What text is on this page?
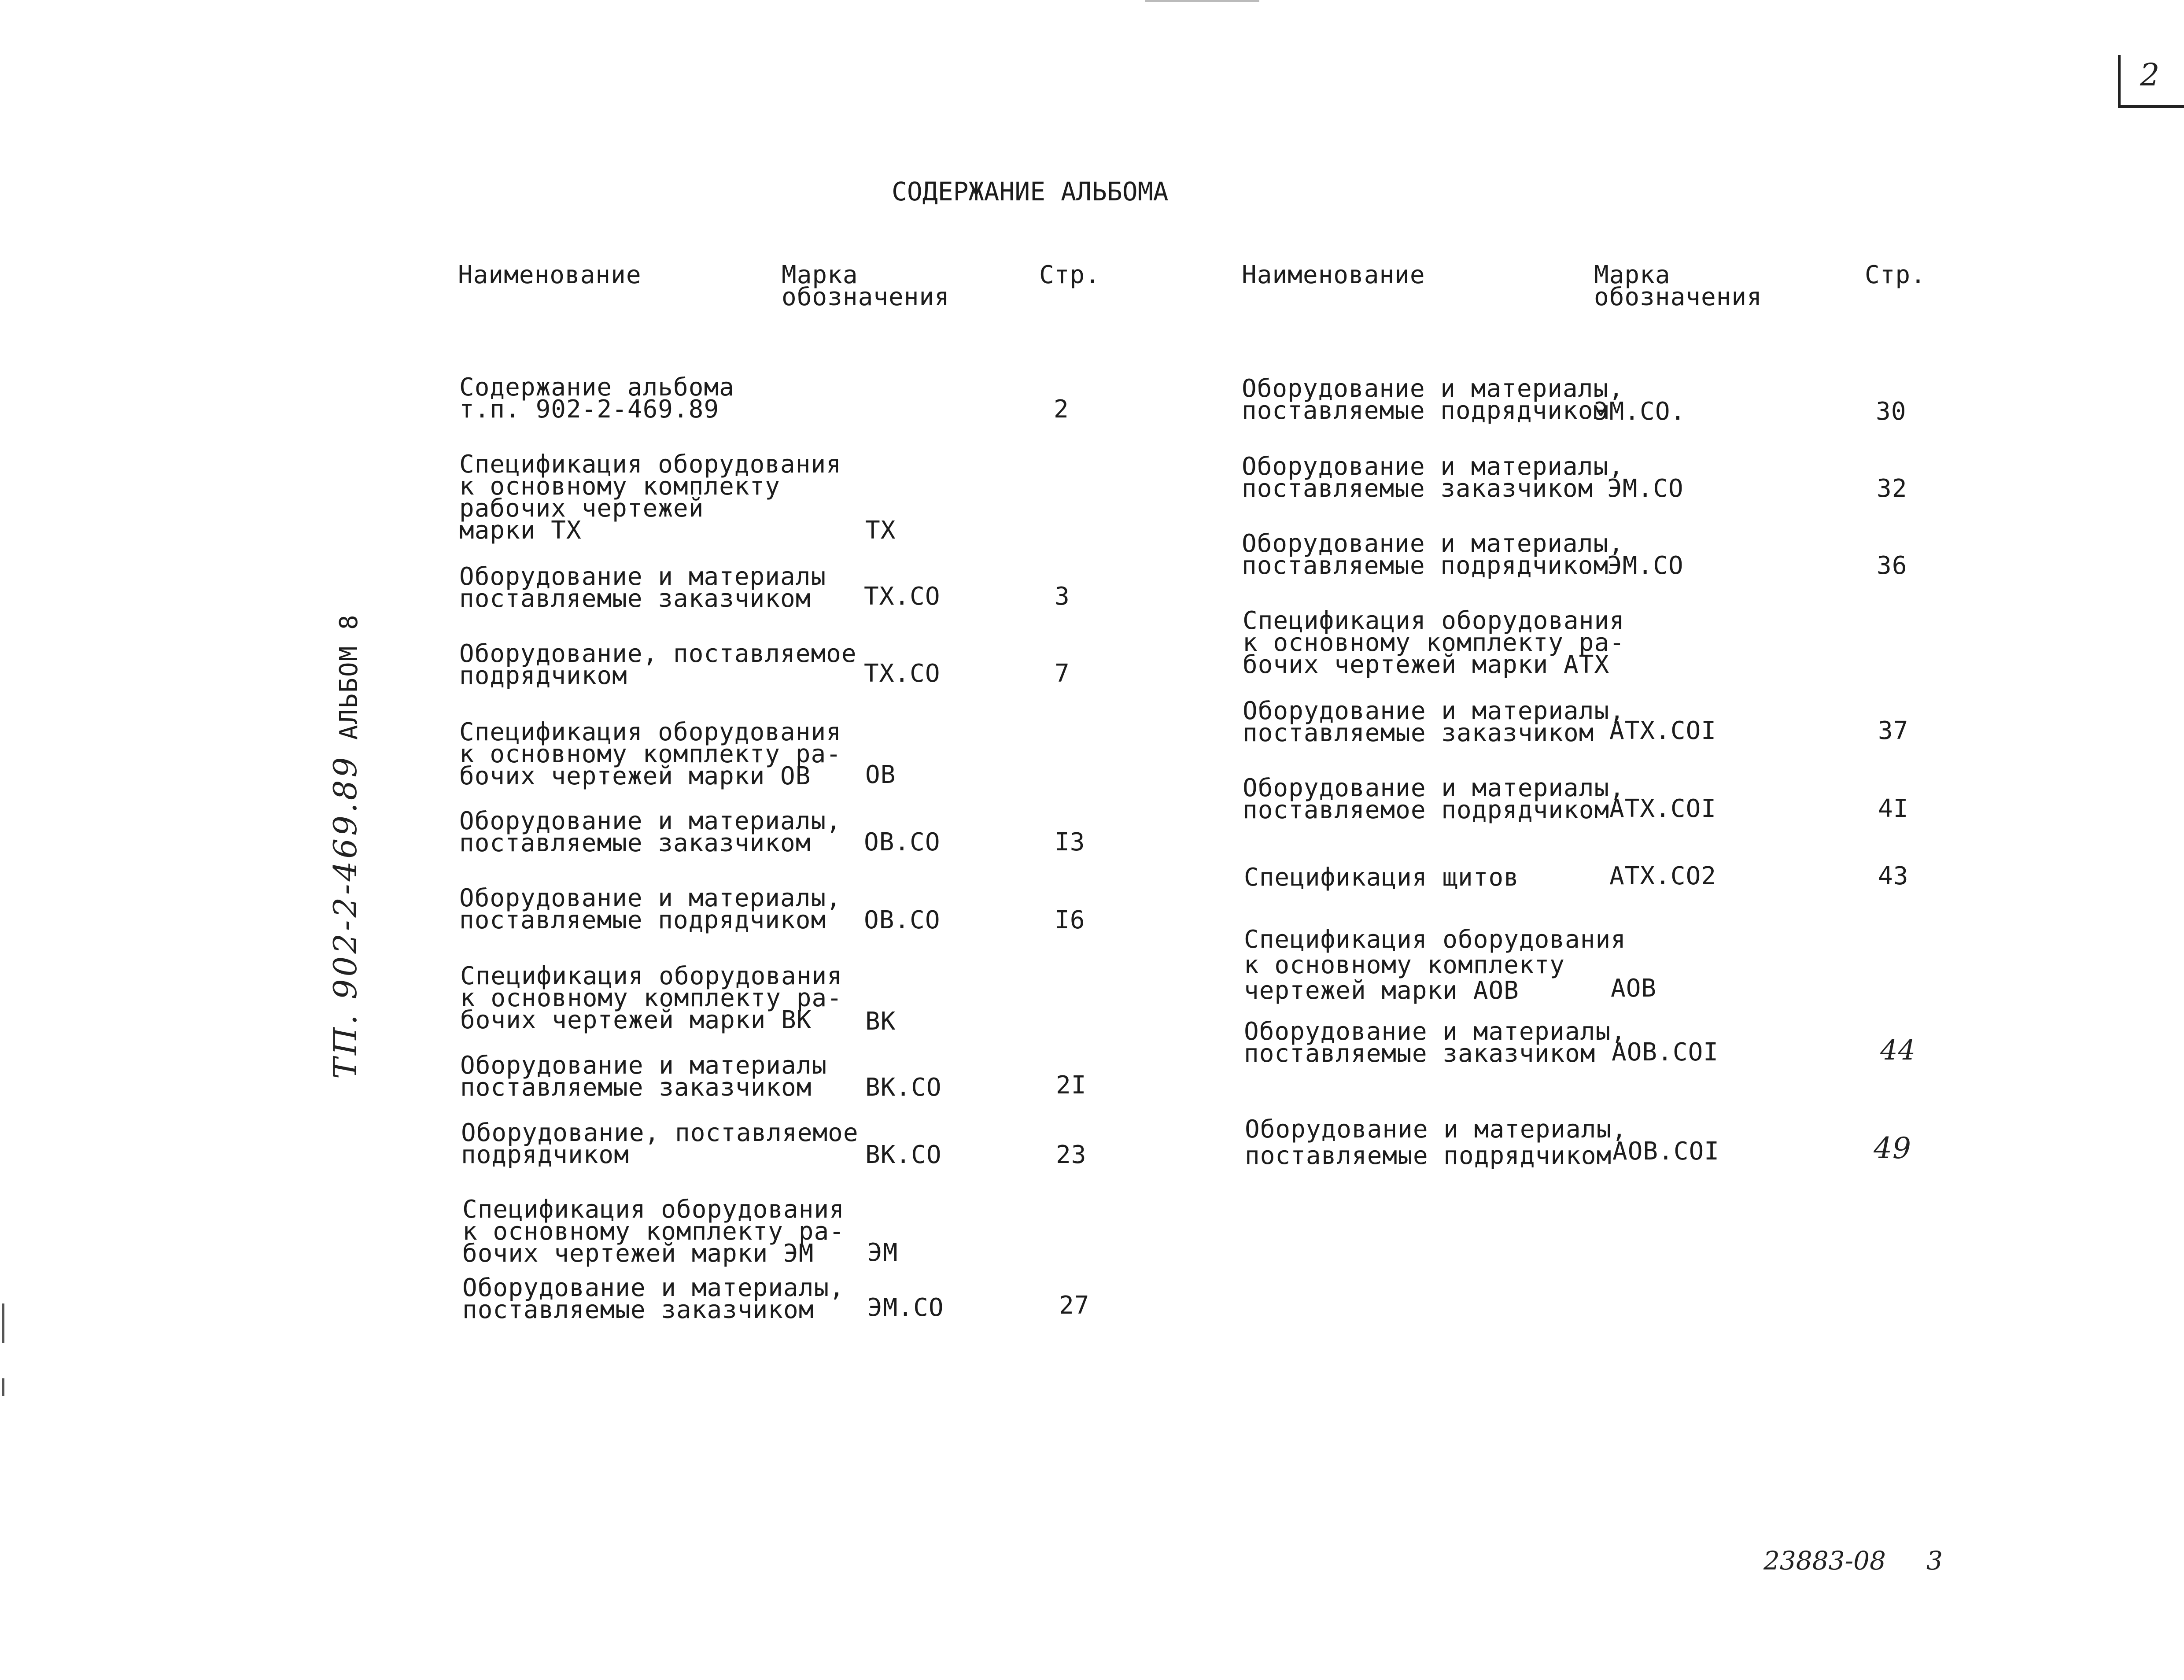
2
СОДЕРЖАНИЕ АЛЬБОМА
ТП. 902-2-469.89
АЛЬБОМ 8
Наименование	Марка
обозначения
Стр.	Наименование	Марка
обозначения
Стр.
Содержание альбома
т.п. 902-2-469.89	2
Спецификация оборудования
к основному комплекту
рабочих чертежей
марки ТХ	ТХ
Оборудование и материалы
поставляемые заказчиком	ТХ.СО	3
Оборудование, поставляемое
подрядчиком	ТХ.СО	7
Спецификация оборудования
к основному комплекту ра-
бочих чертежей марки ОВ	ОВ
Оборудование и материалы,
поставляемые заказчиком	ОВ.СО	I3
Оборудование и материалы,
поставляемые подрядчиком	ОВ.СО	I6
Спецификация оборудования
к основному комплекту ра-
бочих чертежей марки ВК	ВК
Оборудование и материалы
поставляемые заказчиком	ВК.СО	2I
Оборудование, поставляемое
подрядчиком	ВК.СО	23
Спецификация оборудования
к основному комплекту ра-
бочих чертежей марки ЭМ	ЭМ
Оборудование и материалы,
поставляемые заказчиком	ЭМ.СО	27
Оборудование и материалы,
поставляемые подрядчиком
ЭМ.СО.	30
Оборудование и материалы,
поставляемые заказчиком ЭМ.СО	32
Оборудование и материалы,
поставляемые подрядчиком
ЭМ.СО	36
Спецификация оборудования
к основному комплекту ра-
бочих чертежей марки АТХ
Оборудование и материалы,
поставляемые заказчиком АТХ.СОI	37
Оборудование и материалы,
поставляемое подрядчиком АТХ.СОI	4I
Спецификация щитов	АТХ.СО2	43
Спецификация оборудования
к основному комплекту
чертежей марки АОВ	АОВ
Оборудование и материалы,
поставляемые заказчиком АОВ.СОI	44
Оборудование и материалы,
поставляемые подрядчиком АОВ.СОI	49
23883-08 3
